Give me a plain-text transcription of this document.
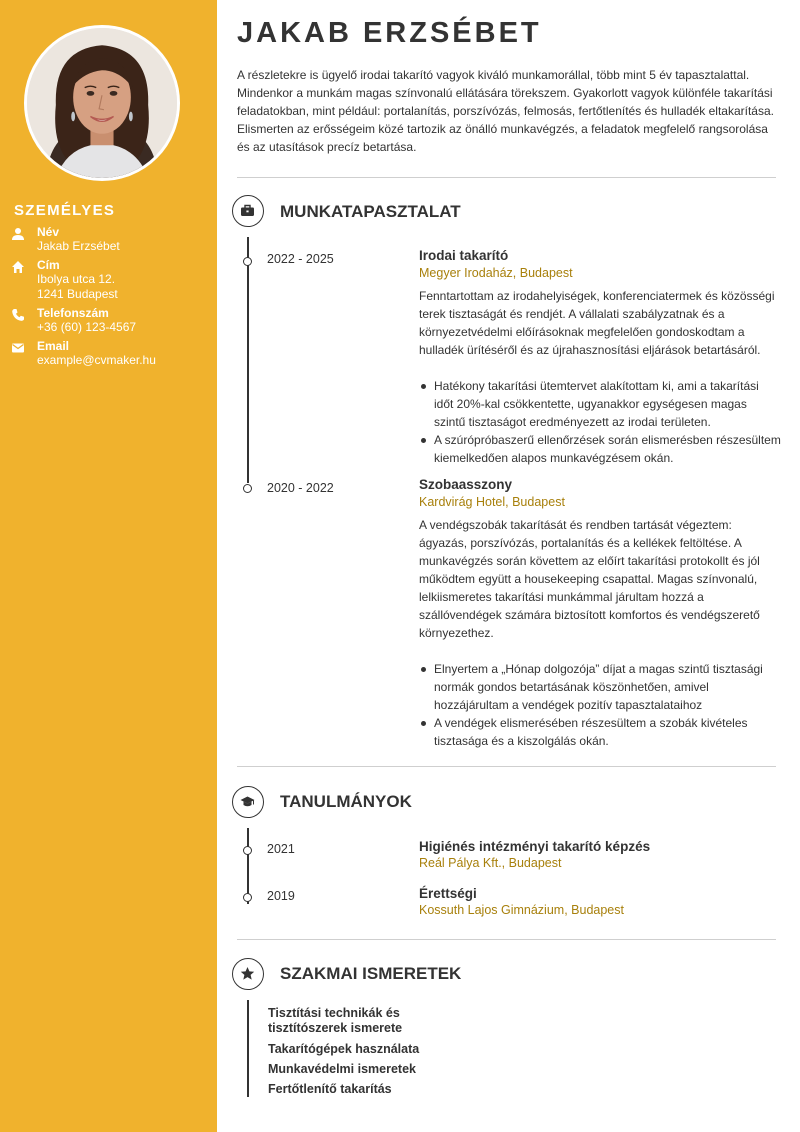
SZEMÉLYES
Név
Jakab Erzsébet
Cím
Ibolya utca 12.
1241 Budapest
Telefonszám
+36 (60) 123-4567
Email
example@cvmaker.hu
JAKAB ERZSÉBET
A részletekre is ügyelő irodai takarító vagyok kiváló munkamorállal, több mint 5 év tapasztalattal. Mindenkor a munkám magas színvonalú ellátására törekszem. Gyakorlott vagyok különféle takarítási feladatokban, mint például: portalanítás, porszívózás, felmosás, fertőtlenítés és hulladék eltakarítása. Elismerten az erősségeim közé tartozik az önálló munkavégzés, a feladatok megfelelő rangsorolása és az utasítások precíz betartása.
MUNKATAPASZTALAT
2022 - 2025	Irodai takarító
Megyer Irodaház, Budapest
Fenntartottam az irodahelyiségek, konferenciatermek és közösségi terek tisztaságát és rendjét. A vállalati szabályzatnak és a környezetvédelmi előírásoknak megfelelően gondoskodtam a hulladék ürítéséről és az újrahasznosítási eljárások betartásáról.
Hatékony takarítási ütemtervet alakítottam ki, ami a takarítási időt 20%-kal csökkentette, ugyanakkor egységesen magas szintű tisztaságot eredményezett az irodai területen.
A szúrópróbaszerű ellenőrzések során elismerésben részesültem kiemelkedően alapos munkavégzésem okán.
2020 - 2022	Szobaasszony
Kardvirág Hotel, Budapest
A vendégszobák takarítását és rendben tartását végeztem: ágyazás, porszívózás, portalanítás és a kellékek feltöltése. A munkavégzés során követtem az előírt takarítási protokollt és jól működtem együtt a housekeeping csapattal. Magas színvonalú, lelkiismeretes takarítási munkámmal járultam hozzá a szállóvendégek számára biztosított komfortos és vendégszerető környezethez.
Elnyertem a „Hónap dolgozója” díjat a magas szintű tisztasági normák gondos betartásának köszönhetően, amivel hozzájárultam a vendégek pozitív tapasztalataihoz
A vendégek elismerésében részesültem a szobák kivételes tisztasága és a kiszolgálás okán.
TANULMÁNYOK
2021	Higiénés intézményi takarító képzés
Reál Pálya Kft., Budapest
2019	Érettségi
Kossuth Lajos Gimnázium, Budapest
SZAKMAI ISMERETEK
Tisztítási technikák és
tisztítószerek ismerete
Takarítógépek használata
Munkavédelmi ismeretek
Fertőtlenítő takarítás
